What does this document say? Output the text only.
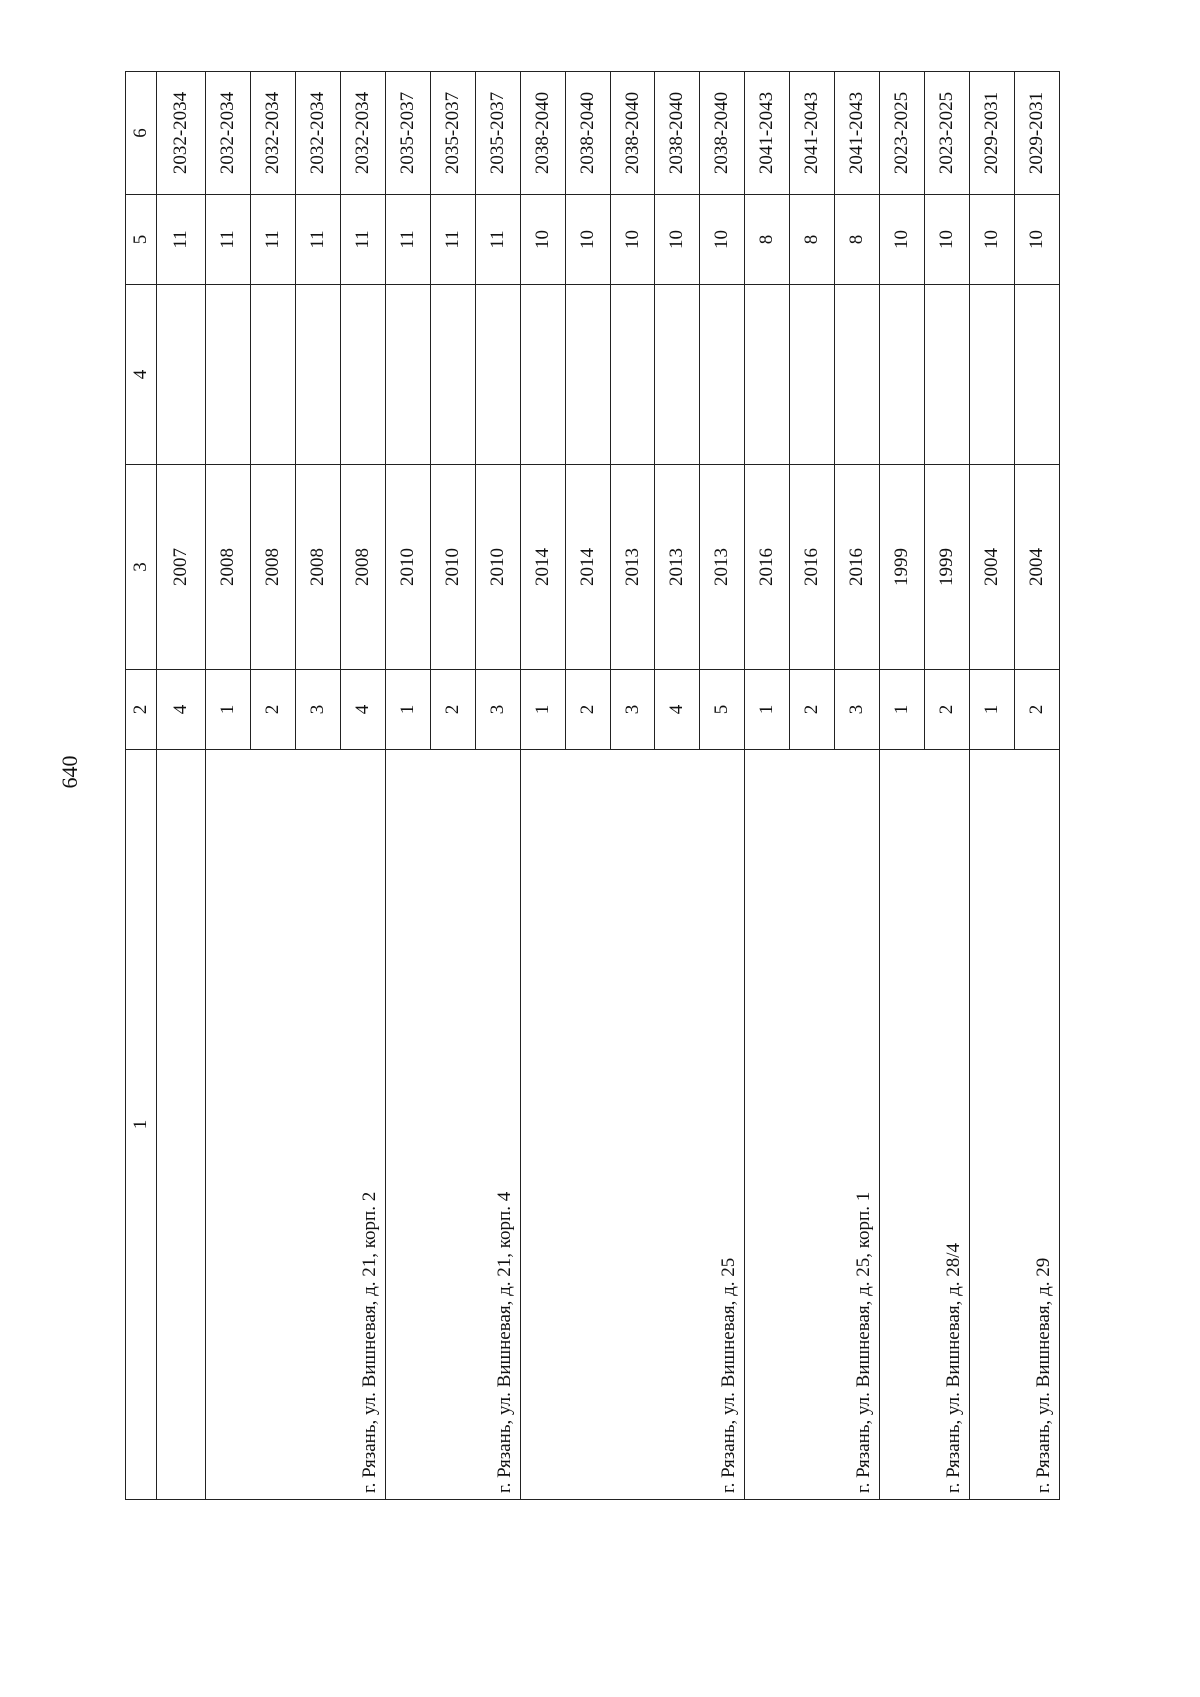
640
1	2	3	4	5	6
	4	2007		11	2032-2034
г. Рязань, ул. Вишневая, д. 21, корп. 2	1	2008		11	2032-2034
	2	2008		11	2032-2034
	3	2008		11	2032-2034
	4	2008		11	2032-2034
г. Рязань, ул. Вишневая, д. 21, корп. 4	1	2010		11	2035-2037
	2	2010		11	2035-2037
	3	2010		11	2035-2037
г. Рязань, ул. Вишневая, д. 25	1	2014		10	2038-2040
	2	2014		10	2038-2040
	3	2013		10	2038-2040
	4	2013		10	2038-2040
	5	2013		10	2038-2040
г. Рязань, ул. Вишневая, д. 25, корп. 1	1	2016		8	2041-2043
	2	2016		8	2041-2043
	3	2016		8	2041-2043
г. Рязань, ул. Вишневая, д. 28/4	1	1999		10	2023-2025
	2	1999		10	2023-2025
г. Рязань, ул. Вишневая, д. 29	1	2004		10	2029-2031
	2	2004		10	2029-2031
